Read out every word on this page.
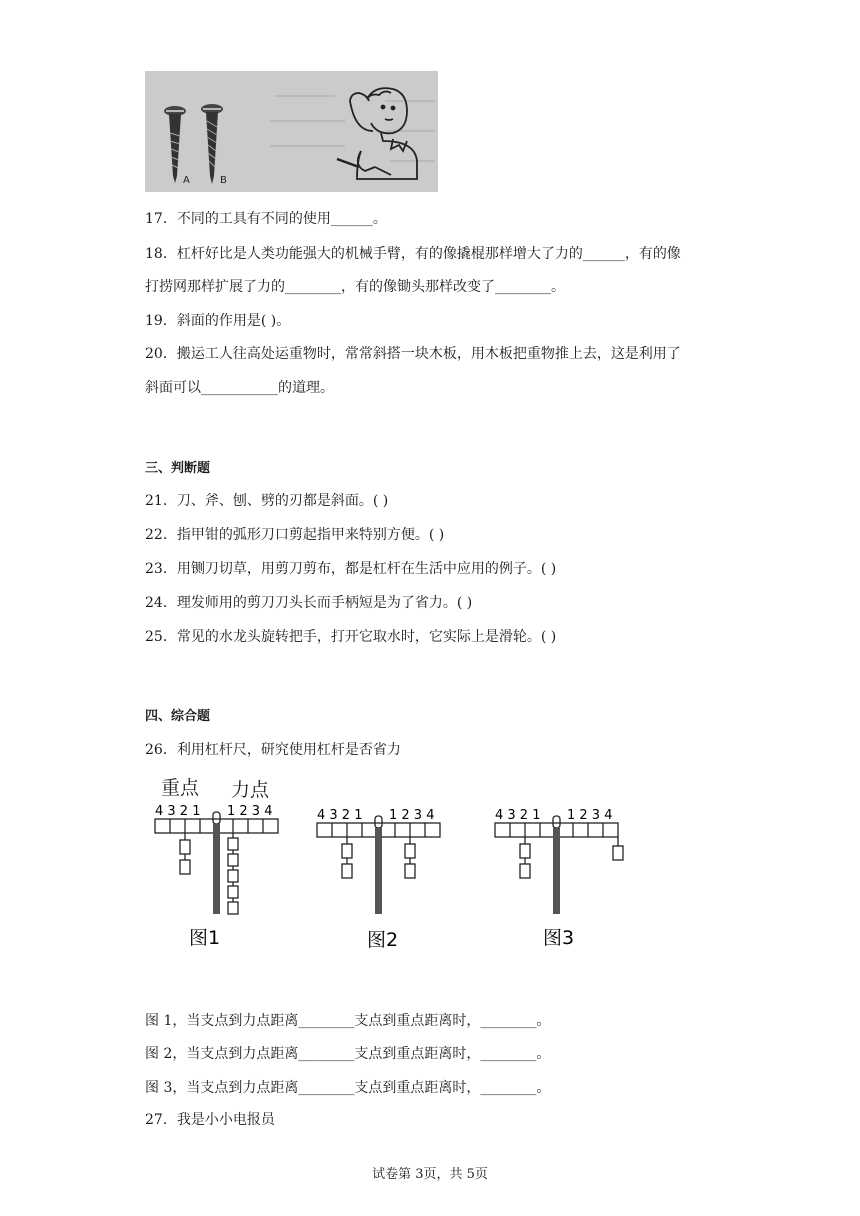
A	B
17．不同的工具有不同的使用______。
18．杠杆好比是人类功能强大的机械手臂，有的像撬棍那样增大了力的______，有的像
打捞网那样扩展了力的________，有的像锄头那样改变了________。
19．斜面的作用是( )。
20．搬运工人往高处运重物时，常常斜搭一块木板，用木板把重物推上去，这是利用了
斜面可以___________的道理。
三、判断题
21．刀、斧、刨、劈的刃都是斜面。( )
22．指甲钳的弧形刀口剪起指甲来特别方便。( )
23．用铡刀切草，用剪刀剪布，都是杠杆在生活中应用的例子。( )
24．理发师用的剪刀刀头长而手柄短是为了省力。( )
25．常见的水龙头旋转把手，打开它取水时，它实际上是滑轮。( )
四、综合题
26．利用杠杆尺，研究使用杠杆是否省力
重点 力点
4 3 2 1 1 2 3 4
图1
4 3 2 1 1 2 3 4
图2
4 3 2 1 1 2 3 4
图3
图 1，当支点到力点距离________支点到重点距离时，________。
图 2，当支点到力点距离________支点到重点距离时，________。
图 3，当支点到力点距离________支点到重点距离时，________。
27．我是小小电报员
试卷第 3页，共 5页
